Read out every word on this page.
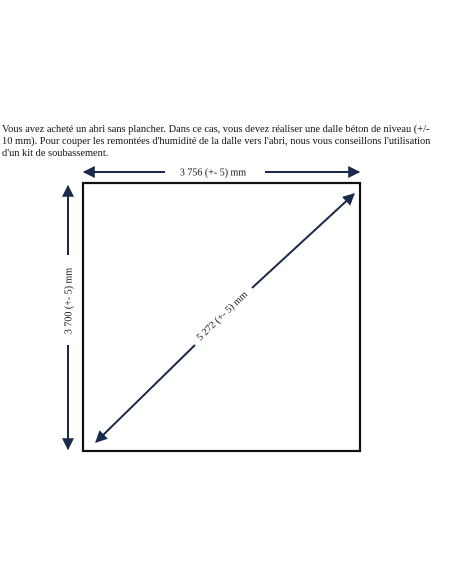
Vous avez acheté un abri sans plancher. Dans ce cas, vous devez réaliser une dalle béton de niveau (+/-
10 mm). Pour couper les remontées d'humidité de la dalle vers l'abri, nous vous conseillons l'utilisation
d'un kit de soubassement.

3 756 (+- 5) mm
3 700 (+- 5) mm	5 272 (+- 5) mm
